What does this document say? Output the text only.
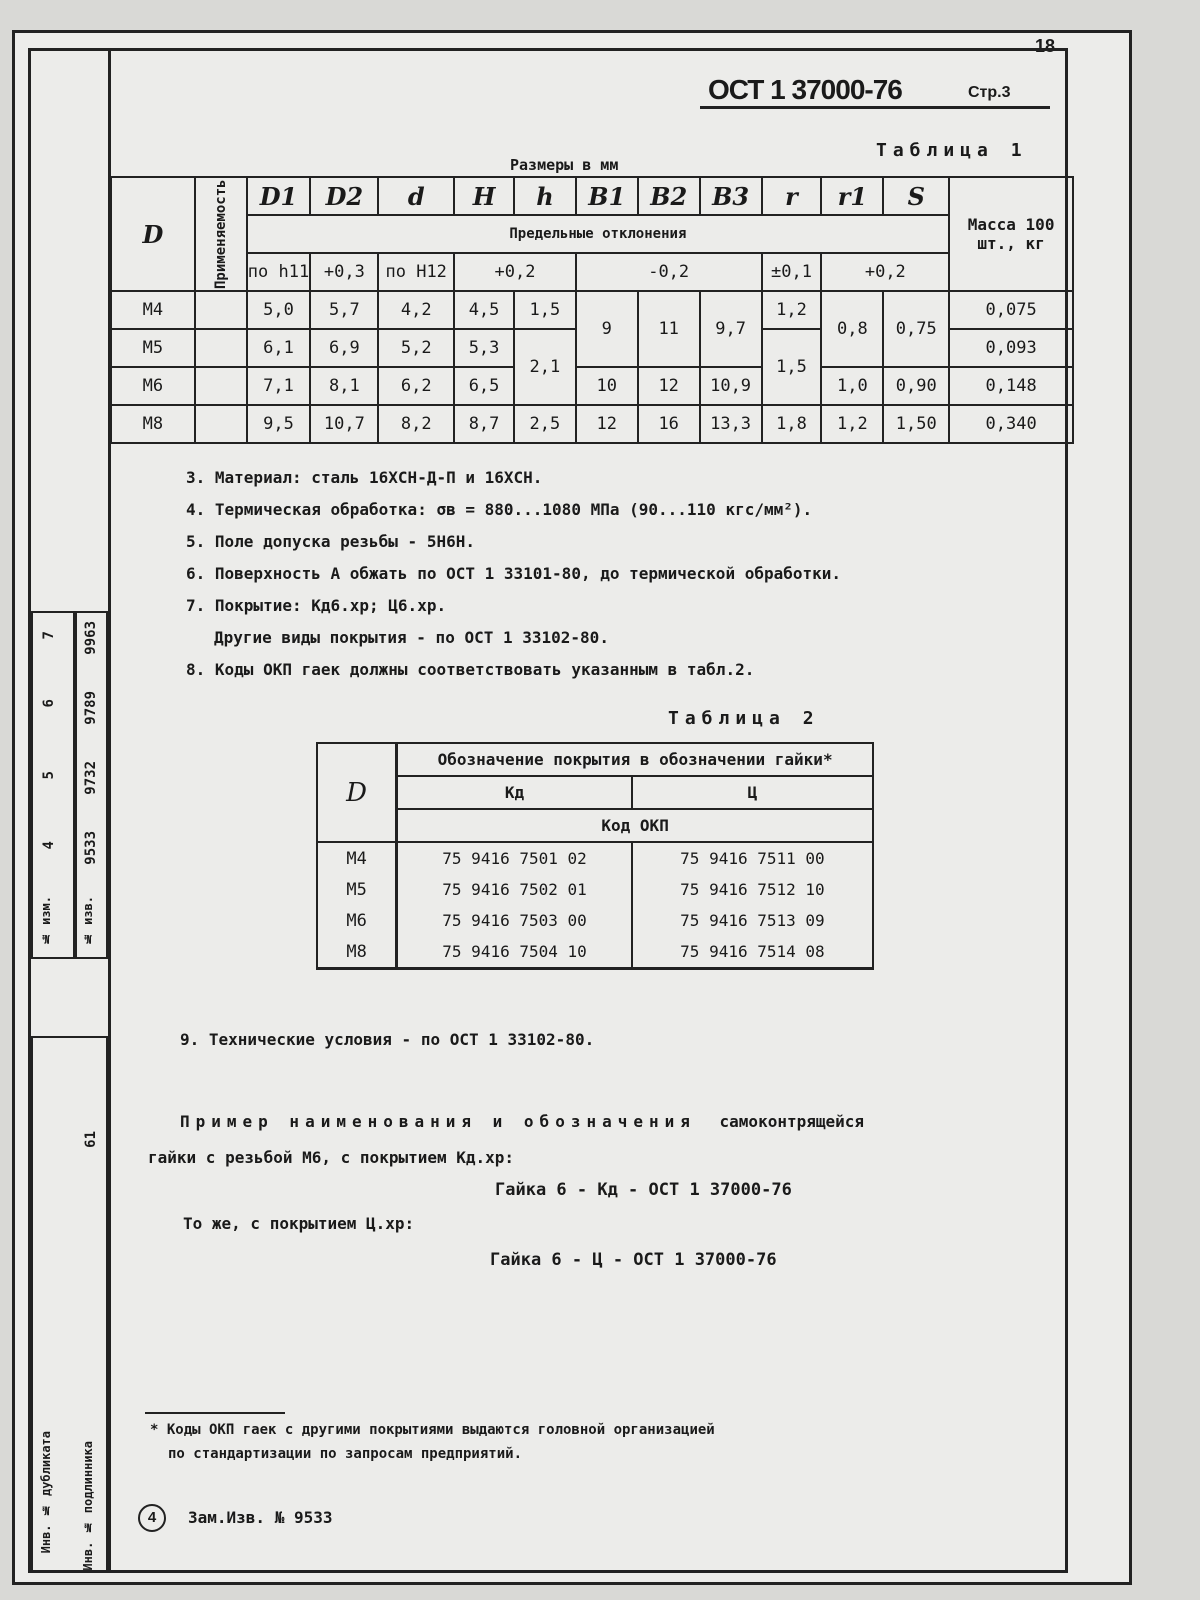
18
7 9963
6 9789
5 9732
4 9533
№ изм. № изв.
61
Инв. № подлинника
Инв. № дубликата
ОСТ 1 37000-76	Стр.3
Таблица 1
Размеры в мм
D	Применяемость	D1	D2	d	H	h	B1	B2	B3	r	r1	S	Масса 100 шт., кг
		Предельные отклонения											
		по h11	+0,3	по H12	+0,2		-0,2			±0,1	+0,2		
М4		5,0	5,7	4,2	4,5	1,5	9	11	9,7	1,2	0,8	0,75	0,075
М5		6,1	6,9	5,2	5,3	2,1				1,5			0,093
М6		7,1	8,1	6,2	6,5		10	12	10,9		1,0	0,90	0,148
М8		9,5	10,7	8,2	8,7	2,5	12	16	13,3	1,8	1,2	1,50	0,340
3. Материал: сталь 16ХСН-Д-П и 16ХСН.
4. Термическая обработка: σв = 880...1080 МПа (90...110 кгс/мм²).
5. Поле допуска резьбы - 5Н6Н.
6. Поверхность А обжать по ОСТ 1 33101-80, до термической обработки.
7. Покрытие: Кд6.хр; Ц6.хр.
Другие виды покрытия - по ОСТ 1 33102-80.
8. Коды ОКП гаек должны соответствовать указанным в табл.2.
Таблица 2
D	Обозначение покрытия в обозначении гайки*	
	Кд	Ц
	Код ОКП	
М4	75 9416 7501 02	75 9416 7511 00
М5	75 9416 7502 01	75 9416 7512 10
М6	75 9416 7503 00	75 9416 7513 09
М8	75 9416 7504 10	75 9416 7514 08
9. Технические условия - по ОСТ 1 33102-80.
Пример наименования и обозначения самоконтрящейся
гайки с резьбой М6, с покрытием Кд.хр:
Гайка 6 - Кд - ОСТ 1 37000-76
То же, с покрытием Ц.хр:
Гайка 6 - Ц - ОСТ 1 37000-76
* Коды ОКП гаек с другими покрытиями выдаются головной организацией
по стандартизации по запросам предприятий.
4	Зам.Изв. № 9533
